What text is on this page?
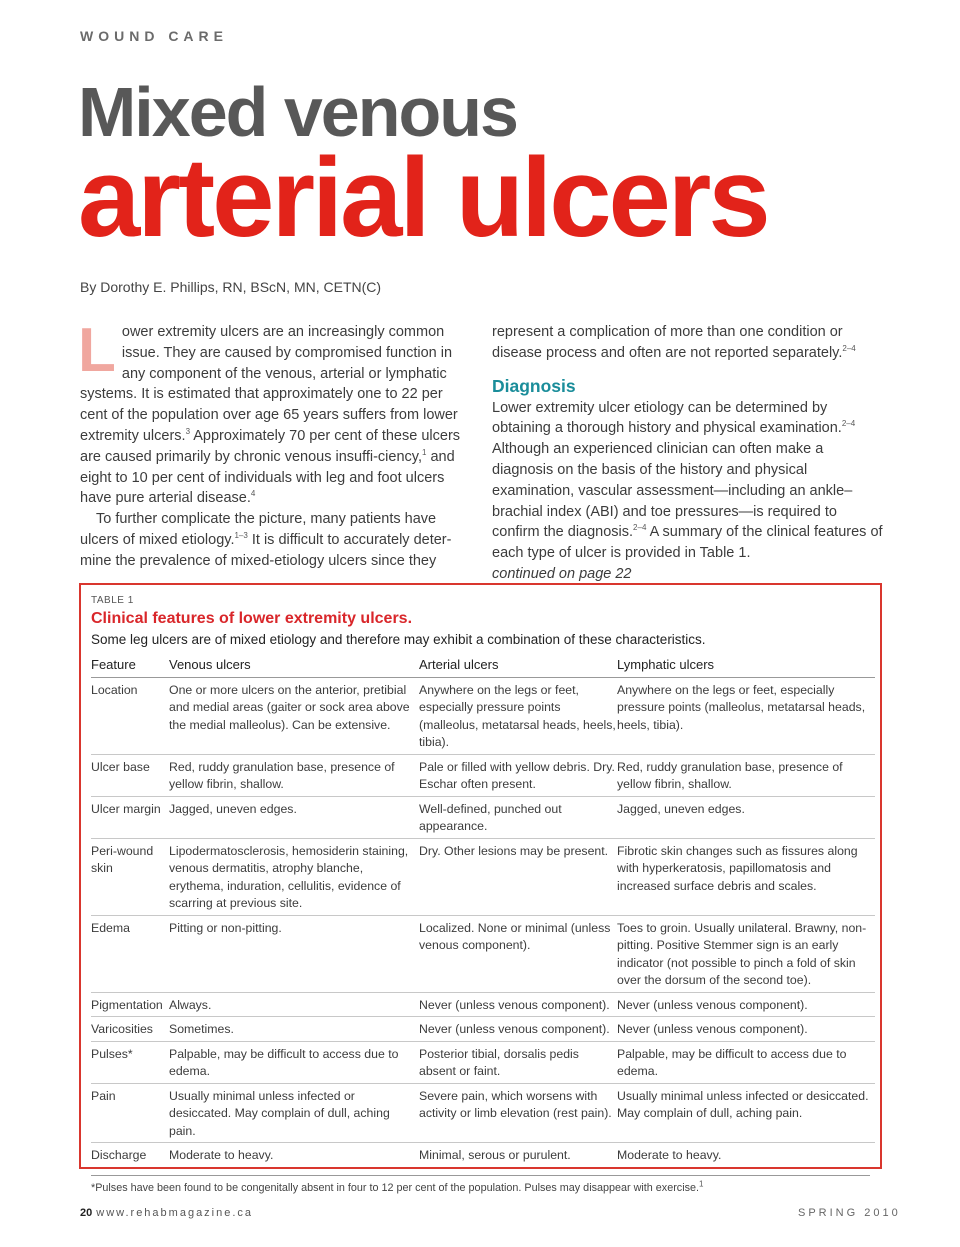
WOUND CARE
Mixed venous
arterial ulcers
By Dorothy E. Phillips, RN, BScN, MN, CETN(C)

Lower extremity ulcers are an increasingly common issue. They are caused by compromised function in any component of the venous, arterial or lymphatic systems. It is estimated that approximately one to 22 per cent of the population over age 65 years suffers from lower extremity ulcers.$^3$ Approximately 70 per cent of these ulcers are caused primarily by chronic venous insuffi-ciency,$^1$ and eight to 10 per cent of individuals with leg and foot ulcers have pure arterial disease.$^4$

To further complicate the picture, many patients have ulcers of mixed etiology.$^{1-3}$ It is difficult to accurately deter-mine the prevalence of mixed-etiology ulcers since they

represent a complication of more than one condition or disease process and often are not reported separately.$^{2-4}$

Diagnosis

Lower extremity ulcer etiology can be determined by obtaining a thorough history and physical examination.$^{2-4}$ Although an experienced clinician can often make a diagnosis on the basis of the history and physical examination, vascular assessment—including an ankle–brachial index (ABI) and toe pressures—is required to confirm the diagnosis.$^{2-4}$ A summary of the clinical features of each type of ulcer is provided in Table 1.

continued on page 22

TABLE 1
Clinical features of lower extremity ulcers.
Some leg ulcers are of mixed etiology and therefore may exhibit a combination of these characteristics.
Feature	Venous ulcers	Arterial ulcers	Lymphatic ulcers
Location	One or more ulcers on the anterior, pretibial and medial areas (gaiter or sock area above the medial malleolus). Can be extensive.	Anywhere on the legs or feet, especially pressure points (malleolus, metatarsal heads, heels, tibia).	Anywhere on the legs or feet, especially pressure points (malleolus, metatarsal heads, heels, tibia).
Ulcer base	Red, ruddy granulation base, presence of yellow fibrin, shallow.	Pale or filled with yellow debris. Dry. Eschar often present.	Red, ruddy granulation base, presence of yellow fibrin, shallow.
Ulcer margin	Jagged, uneven edges.	Well-defined, punched out appearance.	Jagged, uneven edges.
Peri-wound skin	Lipodermatosclerosis, hemosiderin staining, venous dermatitis, atrophy blanche, erythema, induration, cellulitis, evidence of scarring at previous site.	Dry. Other lesions may be present.	Fibrotic skin changes such as fissures along with hyperkeratosis, papillomatosis and increased surface debris and scales.
Edema	Pitting or non-pitting.	Localized. None or minimal (unless venous component).	Toes to groin. Usually unilateral. Brawny, non-pitting. Positive Stemmer sign is an early indicator (not possible to pinch a fold of skin over the dorsum of the second toe).
Pigmentation	Always.	Never (unless venous component).	Never (unless venous component).
Varicosities	Sometimes.	Never (unless venous component).	Never (unless venous component).
Pulses*	Palpable, may be difficult to access due to edema.	Posterior tibial, dorsalis pedis absent or faint.	Palpable, may be difficult to access due to edema.
Pain	Usually minimal unless infected or desiccated. May complain of dull, aching pain.	Severe pain, which worsens with activity or limb elevation (rest pain).	Usually minimal unless infected or desiccated. May complain of dull, aching pain.
Discharge	Moderate to heavy.	Minimal, serous or purulent.	Moderate to heavy.
*Pulses have been found to be congenitally absent in four to 12 per cent of the population. Pulses may disappear with exercise.$^1$
20 www.rehabmagazine.ca	SPRING 2010
